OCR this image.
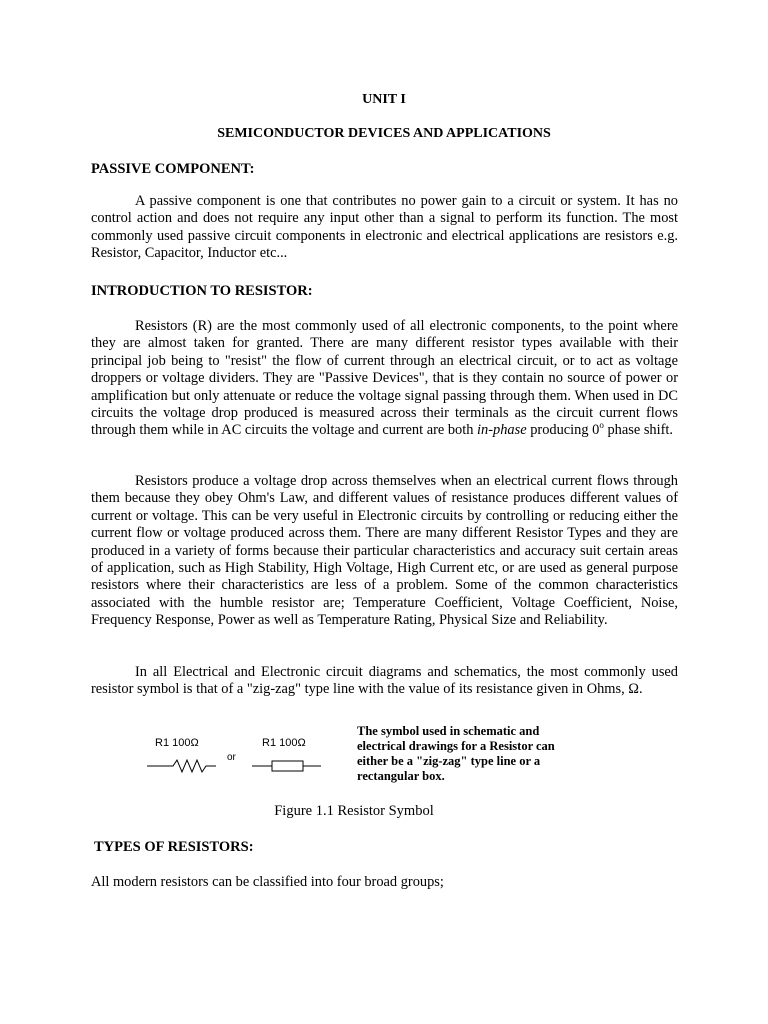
UNIT I
SEMICONDUCTOR DEVICES AND APPLICATIONS
PASSIVE COMPONENT:

A passive component is one that contributes no power gain to a circuit or system. It has no control action and does not require any input other than a signal to perform its function. The most commonly used passive circuit components in electronic and electrical applications are resistors e.g. Resistor, Capacitor, Inductor etc...

INTRODUCTION TO RESISTOR:

Resistors (R) are the most commonly used of all electronic components, to the point where they are almost taken for granted. There are many different resistor types available with their principal job being to "resist" the flow of current through an electrical circuit, or to act as voltage droppers or voltage dividers. They are "Passive Devices", that is they contain no source of power or amplification but only attenuate or reduce the voltage signal passing through them. When used in DC circuits the voltage drop produced is measured across their terminals as the circuit current flows through them while in AC circuits the voltage and current are both in-phase producing 0$^o$ phase shift.

Resistors produce a voltage drop across themselves when an electrical current flows through them because they obey Ohm's Law, and different values of resistance produces different values of current or voltage. This can be very useful in Electronic circuits by controlling or reducing either the current flow or voltage produced across them. There are many different Resistor Types and they are produced in a variety of forms because their particular characteristics and accuracy suit certain areas of application, such as High Stability, High Voltage, High Current etc, or are used as general purpose resistors where their characteristics are less of a problem. Some of the common characteristics associated with the humble resistor are; Temperature Coefficient, Voltage Coefficient, Noise, Frequency Response, Power as well as Temperature Rating, Physical Size and Reliability.

In all Electrical and Electronic circuit diagrams and schematics, the most commonly used resistor symbol is that of a "zig-zag" type line with the value of its resistance given in Ohms, Ω.

R1 100Ω
or
R1 100Ω
The symbol used in schematic and electrical drawings for a Resistor can either be a "zig-zag" type line or a rectangular box.
Figure 1.1 Resistor Symbol
TYPES OF RESISTORS:

All modern resistors can be classified into four broad groups;
